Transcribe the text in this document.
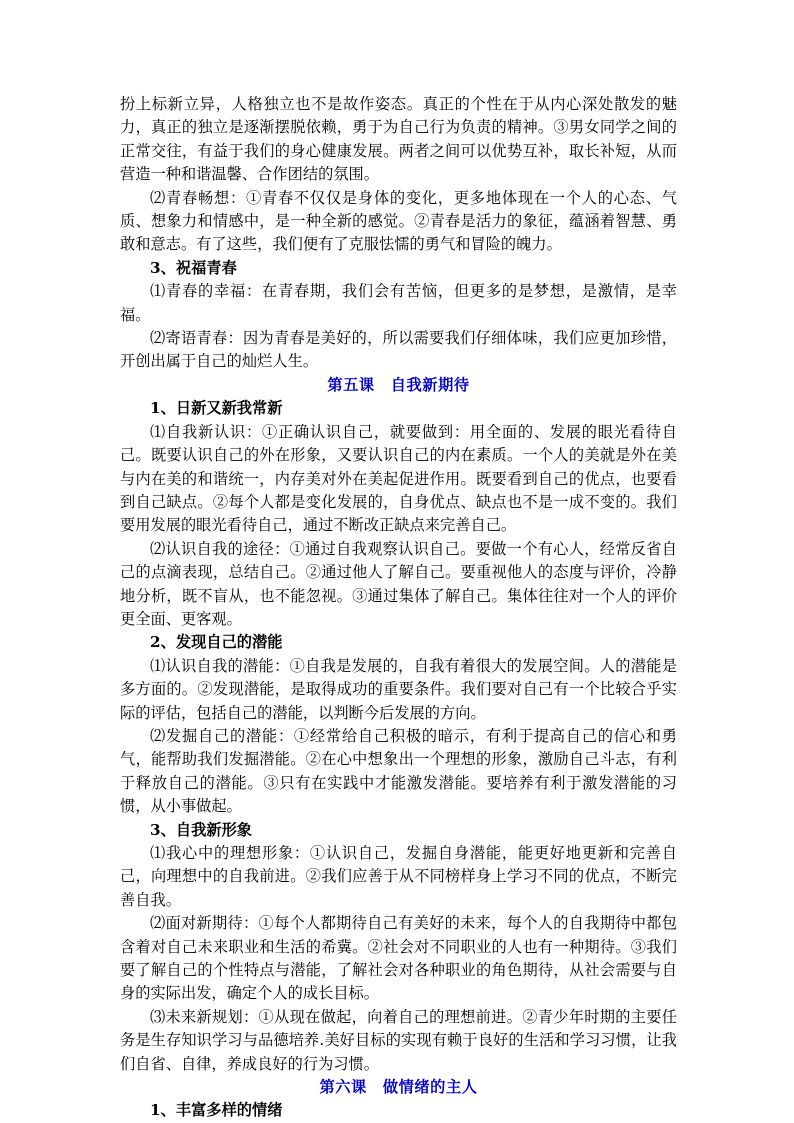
扮上标新立异，人格独立也不是故作姿态。真正的个性在于从内心深处散发的魅力，真正的独立是逐渐摆脱依赖，勇于为自己行为负责的精神。③男女同学之间的正常交往，有益于我们的身心健康发展。两者之间可以优势互补，取长补短，从而营造一种和谐温馨、合作团结的氛围。

⑵青春畅想：①青春不仅仅是身体的变化，更多地体现在一个人的心态、气质、想象力和情感中，是一种全新的感觉。②青春是活力的象征，蕴涵着智慧、勇敢和意志。有了这些，我们便有了克服怯懦的勇气和冒险的魄力。

3、祝福青春

⑴青春的幸福：在青春期，我们会有苦恼，但更多的是梦想，是激情，是幸福。

⑵寄语青春：因为青春是美好的，所以需要我们仔细体味，我们应更加珍惜，开创出属于自己的灿烂人生。

第五课 自我新期待

1、日新又新我常新

⑴自我新认识：①正确认识自己，就要做到：用全面的、发展的眼光看待自己。既要认识自己的外在形象，又要认识自己的内在素质。一个人的美就是外在美与内在美的和谐统一，内存美对外在美起促进作用。既要看到自己的优点，也要看到自己缺点。②每个人都是变化发展的，自身优点、缺点也不是一成不变的。我们要用发展的眼光看待自己，通过不断改正缺点来完善自己。

⑵认识自我的途径：①通过自我观察认识自己。要做一个有心人，经常反省自己的点滴表现，总结自己。②通过他人了解自己。要重视他人的态度与评价，冷静地分析，既不盲从，也不能忽视。③通过集体了解自己。集体往往对一个人的评价更全面、更客观。

2、发现自己的潜能

⑴认识自我的潜能：①自我是发展的，自我有着很大的发展空间。人的潜能是多方面的。②发现潜能，是取得成功的重要条件。我们要对自己有一个比较合乎实际的评估，包括自己的潜能，以判断今后发展的方向。

⑵发掘自己的潜能：①经常给自己积极的暗示，有利于提高自己的信心和勇气，能帮助我们发掘潜能。②在心中想象出一个理想的形象，激励自己斗志，有利于释放自己的潜能。③只有在实践中才能激发潜能。要培养有利于激发潜能的习惯，从小事做起。

3、自我新形象

⑴我心中的理想形象：①认识自己，发掘自身潜能，能更好地更新和完善自己，向理想中的自我前进。②我们应善于从不同榜样身上学习不同的优点，不断完善自我。

⑵面对新期待：①每个人都期待自己有美好的未来，每个人的自我期待中都包含着对自己未来职业和生活的希冀。②社会对不同职业的人也有一种期待。③我们要了解自己的个性特点与潜能，了解社会对各种职业的角色期待，从社会需要与自身的实际出发，确定个人的成长目标。

⑶未来新规划：①从现在做起，向着自己的理想前进。②青少年时期的主要任务是生存知识学习与品德培养.美好目标的实现有赖于良好的生活和学习习惯，让我们自省、自律，养成良好的行为习惯。

第六课 做情绪的主人

1、丰富多样的情绪
